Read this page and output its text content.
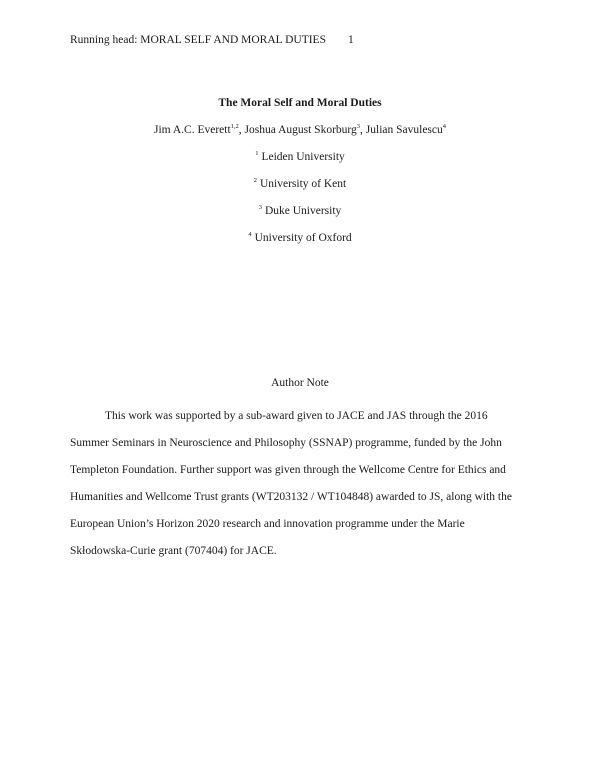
Running head: MORAL SELF AND MORAL DUTIES 1
The Moral Self and Moral Duties
Jim A.C. Everett$^{1,2}$, Joshua August Skorburg$^3$, Julian Savulescu$^4$
$^1$ Leiden University
$^2$ University of Kent
$^3$ Duke University
$^4$ University of Oxford
Author Note
This work was supported by a sub-award given to JACE and JAS through the 2016
Summer Seminars in Neuroscience and Philosophy (SSNAP) programme, funded by the John
Templeton Foundation. Further support was given through the Wellcome Centre for Ethics and
Humanities and Wellcome Trust grants (WT203132 / WT104848) awarded to JS, along with the
European Union’s Horizon 2020 research and innovation programme under the Marie
Skłodowska-Curie grant (707404) for JACE.
